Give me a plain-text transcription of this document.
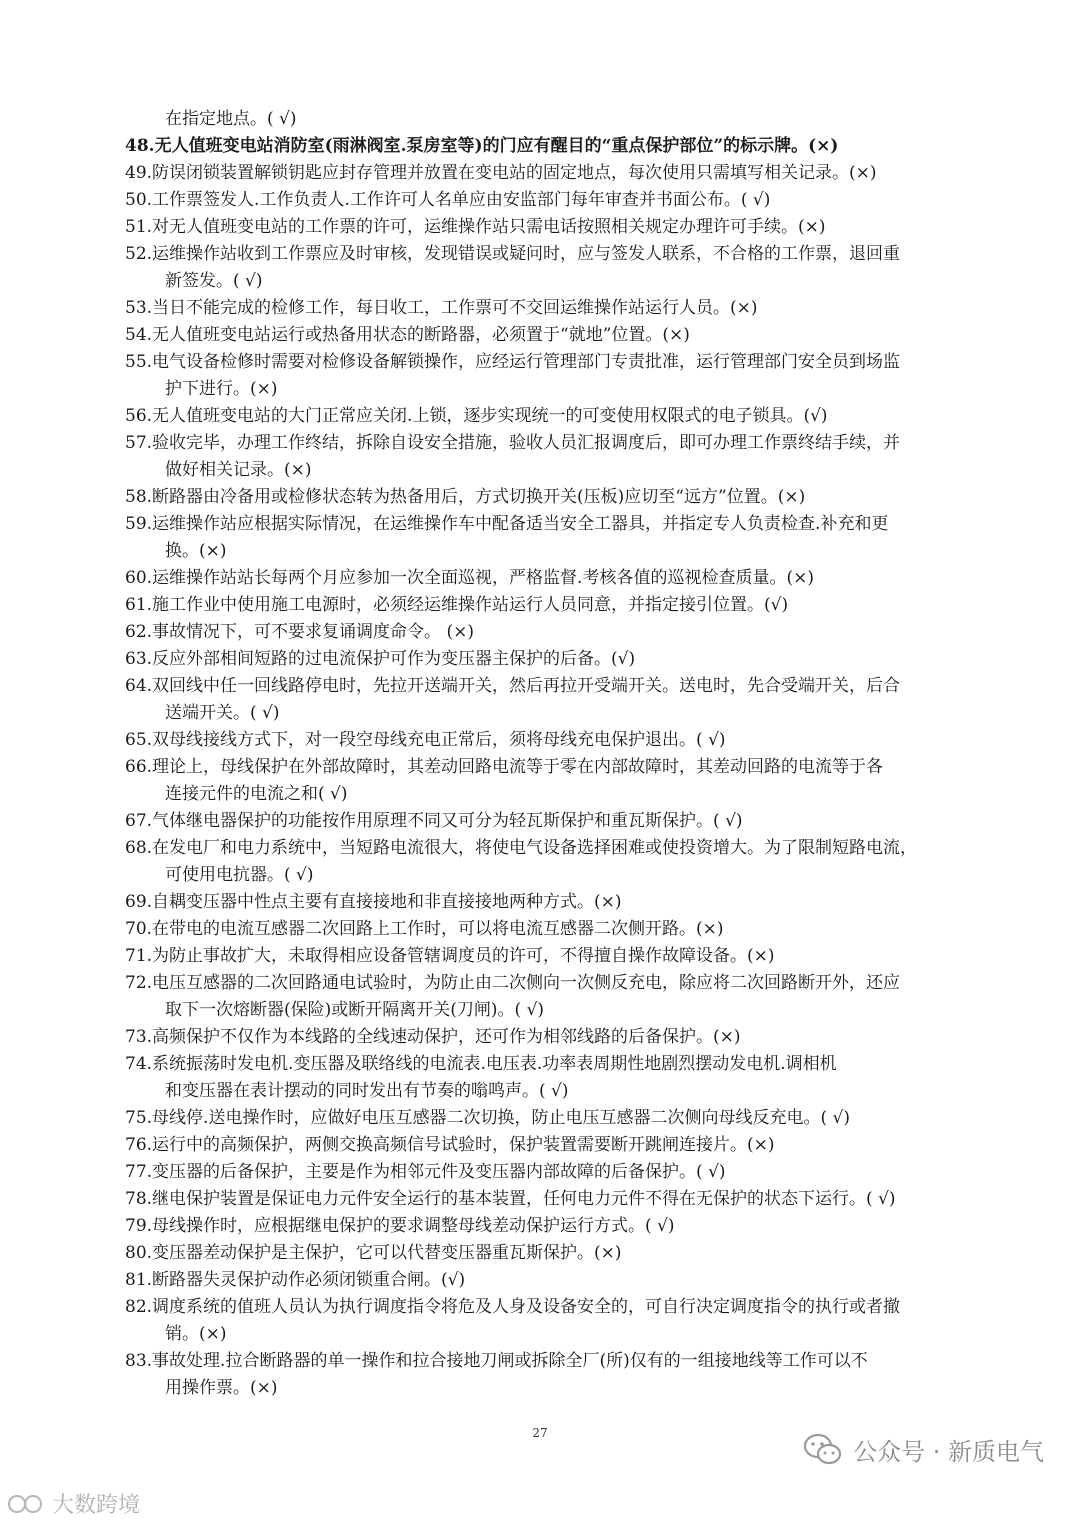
在指定地点。( √)

48. 无人值班变电站消防室(雨淋阀室.泵房室等)的门应有醒目的“重点保护部位”的标示牌。(×)

49. 防误闭锁装置解锁钥匙应封存管理并放置在变电站的固定地点，每次使用只需填写相关记录。(×)

50. 工作票签发人.工作负责人.工作许可人名单应由安监部门每年审查并书面公布。( √)

51. 对无人值班变电站的工作票的许可，运维操作站只需电话按照相关规定办理许可手续。(×)

52. 运维操作站收到工作票应及时审核，发现错误或疑问时，应与签发人联系，不合格的工作票，退回重

新签发。( √)

53. 当日不能完成的检修工作，每日收工，工作票可不交回运维操作站运行人员。(×)

54. 无人值班变电站运行或热备用状态的断路器，必须置于“就地”位置。(×)

55. 电气设备检修时需要对检修设备解锁操作，应经运行管理部门专责批准，运行管理部门安全员到场监

护下进行。(×)

56. 无人值班变电站的大门正常应关闭.上锁，逐步实现统一的可变使用权限式的电子锁具。(√)

57. 验收完毕，办理工作终结，拆除自设安全措施，验收人员汇报调度后，即可办理工作票终结手续，并

做好相关记录。(×)

58. 断路器由冷备用或检修状态转为热备用后，方式切换开关(压板)应切至“远方”位置。(×)

59. 运维操作站应根据实际情况，在运维操作车中配备适当安全工器具，并指定专人负责检查.补充和更

换。(×)

60. 运维操作站站长每两个月应参加一次全面巡视，严格监督.考核各值的巡视检查质量。(×)

61. 施工作业中使用施工电源时，必须经运维操作站运行人员同意，并指定接引位置。(√)

62. 事故情况下，可不要求复诵调度命令。 (×)

63. 反应外部相间短路的过电流保护可作为变压器主保护的后备。(√)

64. 双回线中任一回线路停电时，先拉开送端开关，然后再拉开受端开关。送电时，先合受端开关，后合

送端开关。( √)

65. 双母线接线方式下，对一段空母线充电正常后，须将母线充电保护退出。( √)

66. 理论上，母线保护在外部故障时，其差动回路电流等于零在内部故障时，其差动回路的电流等于各

连接元件的电流之和( √)

67. 气体继电器保护的功能按作用原理不同又可分为轻瓦斯保护和重瓦斯保护。( √)

68. 在发电厂和电力系统中，当短路电流很大，将使电气设备选择困难或使投资增大。为了限制短路电流，

可使用电抗器。( √)

69. 自耦变压器中性点主要有直接接地和非直接接地两种方式。(×)

70. 在带电的电流互感器二次回路上工作时，可以将电流互感器二次侧开路。(×)

71. 为防止事故扩大，未取得相应设备管辖调度员的许可，不得擅自操作故障设备。(×)

72. 电压互感器的二次回路通电试验时，为防止由二次侧向一次侧反充电，除应将二次回路断开外，还应

取下一次熔断器(保险)或断开隔离开关(刀闸)。( √)

73. 高频保护不仅作为本线路的全线速动保护，还可作为相邻线路的后备保护。(×)

74. 系统振荡时发电机.变压器及联络线的电流表.电压表.功率表周期性地剧烈摆动发电机.调相机

和变压器在表计摆动的同时发出有节奏的嗡鸣声。( √)

75. 母线停.送电操作时，应做好电压互感器二次切换，防止电压互感器二次侧向母线反充电。( √)

76. 运行中的高频保护，两侧交换高频信号试验时，保护装置需要断开跳闸连接片。(×)

77. 变压器的后备保护，主要是作为相邻元件及变压器内部故障的后备保护。( √)

78. 继电保护装置是保证电力元件安全运行的基本装置，任何电力元件不得在无保护的状态下运行。( √)

79. 母线操作时，应根据继电保护的要求调整母线差动保护运行方式。( √)

80. 变压器差动保护是主保护，它可以代替变压器重瓦斯保护。(×)

81. 断路器失灵保护动作必须闭锁重合闸。(√)

82. 调度系统的值班人员认为执行调度指令将危及人身及设备安全的，可自行决定调度指令的执行或者撤

销。(×)

83. 事故处理.拉合断路器的单一操作和拉合接地刀闸或拆除全厂(所)仅有的一组接地线等工作可以不

用操作票。(×)

27
公众号 · 新质电气
大数跨境
